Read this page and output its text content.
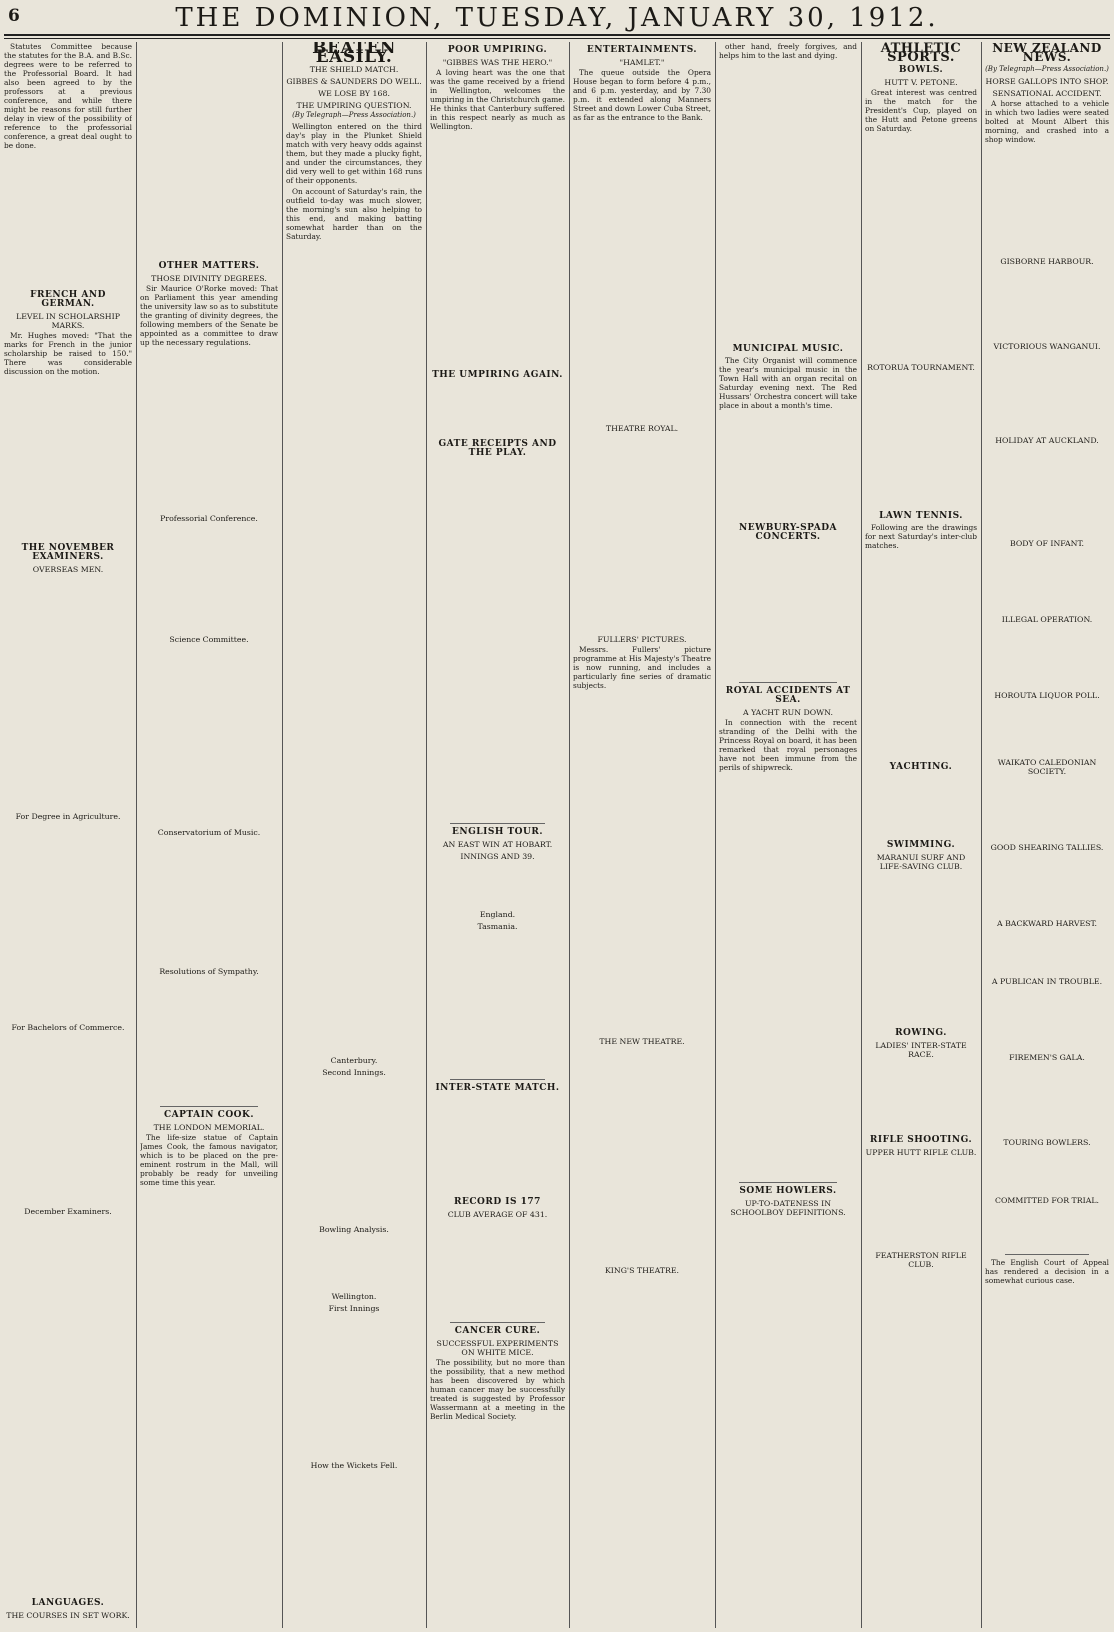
6	THE DOMINION, TUESDAY, JANUARY 30, 1912.

Statutes Committee because the statutes for the B.A. and B.Sc. degrees were to be referred to the Professorial Board. It had also been agreed to by the professors at a previous conference, and while there might be reasons for still further delay in view of the possibility of reference to the professorial conference, a great deal ought to be done.

FRENCH AND GERMAN.
LEVEL IN SCHOLARSHIP MARKS.

Mr. Hughes moved: "That the marks for French in the junior scholarship be raised to 150." There was considerable discussion on the motion.

THE NOVEMBER EXAMINERS.
OVERSEAS MEN.
For Degree in Agriculture.
For Bachelors of Commerce.
December Examiners.
LANGUAGES.
THE COURSES IN SET WORK.
OTHER MATTERS.
THOSE DIVINITY DEGREES.

Sir Maurice O'Rorke moved: That on Parliament this year amending the university law so as to substitute the granting of divinity degrees, the following members of the Senate be appointed as a committee to draw up the necessary regulations.

Professorial Conference.
Science Committee.
Conservatorium of Music.
Resolutions of Sympathy.
CAPTAIN COOK.
THE LONDON MEMORIAL.

The life-size statue of Captain James Cook, the famous navigator, which is to be placed on the pre-eminent rostrum in the Mall, will probably be ready for unveiling some time this year.

BEATEN EASILY.
THE SHIELD MATCH.
GIBBES & SAUNDERS DO WELL.
WE LOSE BY 168.
THE UMPIRING QUESTION.
(By Telegraph—Press Association.)

Wellington entered on the third day's play in the Plunket Shield match with very heavy odds against them, but they made a plucky fight, and under the circumstances, they did very well to get within 168 runs of their opponents.

On account of Saturday's rain, the outfield to-day was much slower, the morning's sun also helping to this end, and making batting somewhat harder than on the Saturday.

Canterbury.
Second Innings.
Bowling Analysis.
Wellington.
First Innings
How the Wickets Fell.
POOR UMPIRING.
"GIBBES WAS THE HERO."

A loving heart was the one that was the game received by a friend in Wellington, welcomes the umpiring in the Christchurch game. He thinks that Canterbury suffered in this respect nearly as much as Wellington.

THE UMPIRING AGAIN.
GATE RECEIPTS AND THE PLAY.
ENGLISH TOUR.
AN EAST WIN AT HOBART.
INNINGS AND 39.
England.
Tasmania.
INTER-STATE MATCH.
RECORD IS 177
CLUB AVERAGE OF 431.
CANCER CURE.
SUCCESSFUL EXPERIMENTS ON WHITE MICE.

The possibility, but no more than the possibility, that a new method has been discovered by which human cancer may be successfully treated is suggested by Professor Wassermann at a meeting in the Berlin Medical Society.

ENTERTAINMENTS.
"HAMLET."

The queue outside the Opera House began to form before 4 p.m., and 6 p.m. yesterday, and by 7.30 p.m. it extended along Manners Street and down Lower Cuba Street, as far as the entrance to the Bank.

THEATRE ROYAL.
FULLERS' PICTURES.

Messrs. Fullers' picture programme at His Majesty's Theatre is now running, and includes a particularly fine series of dramatic subjects.

THE NEW THEATRE.
KING'S THEATRE.

other hand, freely forgives, and helps him to the last and dying.

MUNICIPAL MUSIC.

The City Organist will commence the year's municipal music in the Town Hall with an organ recital on Saturday evening next. The Red Hussars' Orchestra concert will take place in about a month's time.

NEWBURY-SPADA CONCERTS.
ROYAL ACCIDENTS AT SEA.
A YACHT RUN DOWN.

In connection with the recent stranding of the Delhi with the Princess Royal on board, it has been remarked that royal personages have not been immune from the perils of shipwreck.

SOME HOWLERS.
UP-TO-DATENESS IN SCHOOLBOY DEFINITIONS.
ATHLETIC SPORTS.
BOWLS.
HUTT V. PETONE.

Great interest was centred in the match for the President's Cup, played on the Hutt and Petone greens on Saturday.

ROTORUA TOURNAMENT.
LAWN TENNIS.

Following are the drawings for next Saturday's inter-club matches.

YACHTING.
SWIMMING.
MARANUI SURF AND LIFE-SAVING CLUB.
ROWING.
LADIES' INTER-STATE RACE.
RIFLE SHOOTING.
UPPER HUTT RIFLE CLUB.
FEATHERSTON RIFLE CLUB.
NEW ZEALAND NEWS.
(By Telegraph—Press Association.)
HORSE GALLOPS INTO SHOP.
SENSATIONAL ACCIDENT.

A horse attached to a vehicle in which two ladies were seated bolted at Mount Albert this morning, and crashed into a shop window.

GISBORNE HARBOUR.
VICTORIOUS WANGANUI.
HOLIDAY AT AUCKLAND.
BODY OF INFANT.
ILLEGAL OPERATION.
HOROUTA LIQUOR POLL.
WAIKATO CALEDONIAN SOCIETY.
GOOD SHEARING TALLIES.
A BACKWARD HARVEST.
A PUBLICAN IN TROUBLE.
FIREMEN'S GALA.
TOURING BOWLERS.
COMMITTED FOR TRIAL.

The English Court of Appeal has rendered a decision in a somewhat curious case.
